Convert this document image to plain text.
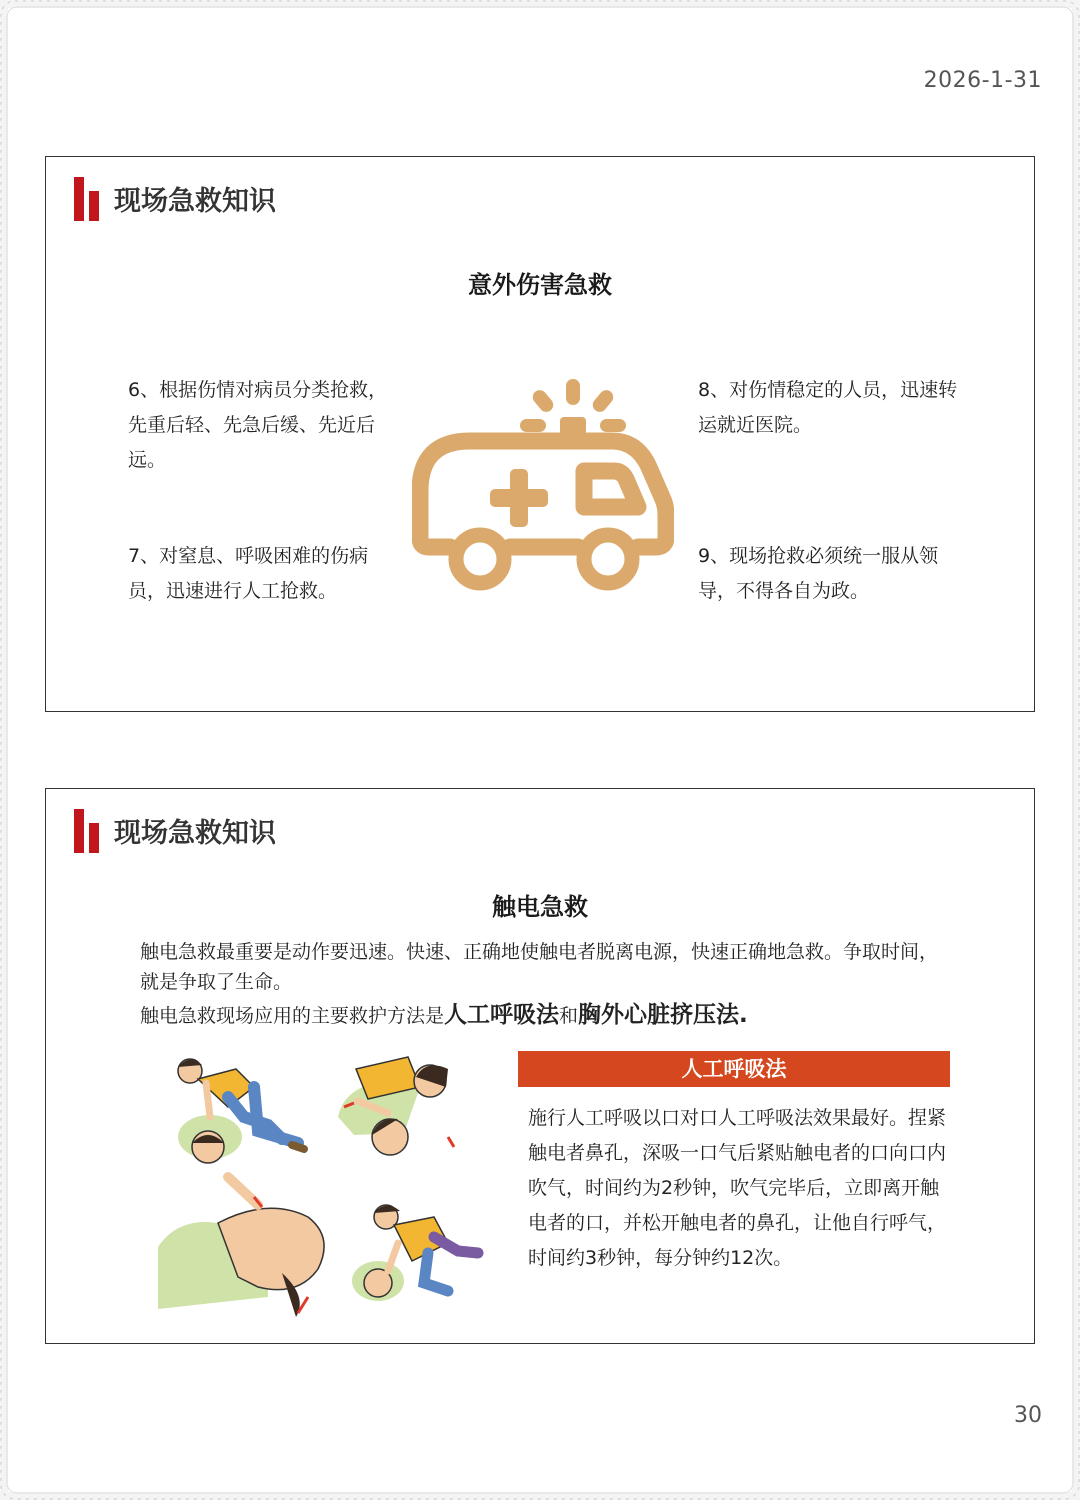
2026-1-31
现场急救知识
意外伤害急救
6、根据伤情对病员分类抢救，先重后轻、先急后缓、先近后远。
7、对窒息、呼吸困难的伤病员，迅速进行人工抢救。
8、对伤情稳定的人员，迅速转运就近医院。
9、现场抢救必须统一服从领导，不得各自为政。
现场急救知识
触电急救

触电急救最重要是动作要迅速。快速、正确地使触电者脱离电源，快速正确地急救。争取时间，就是争取了生命。

触电急救现场应用的主要救护方法是人工呼吸法和胸外心脏挤压法.

人工呼吸法
施行人工呼吸以口对口人工呼吸法效果最好。捏紧触电者鼻孔，深吸一口气后紧贴触电者的口向口内吹气，时间约为2秒钟，吹气完毕后，立即离开触电者的口，并松开触电者的鼻孔，让他自行呼气，时间约3秒钟，每分钟约12次。
30
